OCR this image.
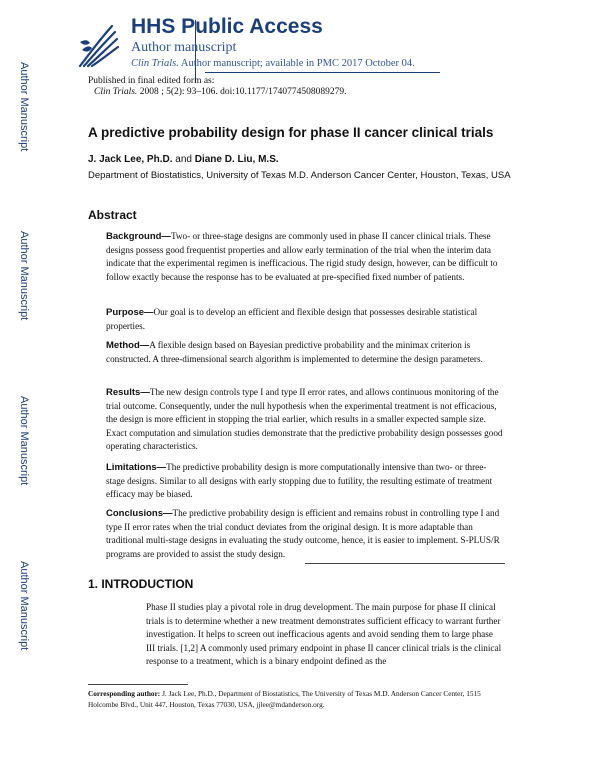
Author Manuscript
Author Manuscript
Author Manuscript
Author Manuscript
HHS Public Access
Author manuscript
Clin Trials. Author manuscript; available in PMC 2017 October 04.
Published in final edited form as:
Clin Trials. 2008 ; 5(2): 93–106. doi:10.1177/1740774508089279.
A predictive probability design for phase II cancer clinical trials
J. Jack Lee, Ph.D. and Diane D. Liu, M.S.
Department of Biostatistics, University of Texas M.D. Anderson Cancer Center, Houston, Texas, USA
Abstract

Background—Two- or three-stage designs are commonly used in phase II cancer clinical trials. These designs possess good frequentist properties and allow early termination of the trial when the interim data indicate that the experimental regimen is inefficacious. The rigid study design, however, can be difficult to follow exactly because the response has to be evaluated at pre-specified fixed number of patients.

Purpose—Our goal is to develop an efficient and flexible design that possesses desirable statistical properties.

Method—A flexible design based on Bayesian predictive probability and the minimax criterion is constructed. A three-dimensional search algorithm is implemented to determine the design parameters.

Results—The new design controls type I and type II error rates, and allows continuous monitoring of the trial outcome. Consequently, under the null hypothesis when the experimental treatment is not efficacious, the design is more efficient in stopping the trial earlier, which results in a smaller expected sample size. Exact computation and simulation studies demonstrate that the predictive probability design possesses good operating characteristics.

Limitations—The predictive probability design is more computationally intensive than two- or three-stage designs. Similar to all designs with early stopping due to futility, the resulting estimate of treatment efficacy may be biased.

Conclusions—The predictive probability design is efficient and remains robust in controlling type I and type II error rates when the trial conduct deviates from the original design. It is more adaptable than traditional multi-stage designs in evaluating the study outcome, hence, it is easier to implement. S-PLUS/R programs are provided to assist the study design.

1. INTRODUCTION

Phase II studies play a pivotal role in drug development. The main purpose for phase II clinical trials is to determine whether a new treatment demonstrates sufficient efficacy to warrant further investigation. It helps to screen out inefficacious agents and avoid sending them to large phase III trials. [1,2] A commonly used primary endpoint in phase II cancer clinical trials is the clinical response to a treatment, which is a binary endpoint defined as the

Corresponding author: J. Jack Lee, Ph.D., Department of Biostatistics, The University of Texas M.D. Anderson Cancer Center, 1515 Holcombe Blvd., Unit 447, Houston, Texas 77030, USA, jjlee@mdanderson.org.
